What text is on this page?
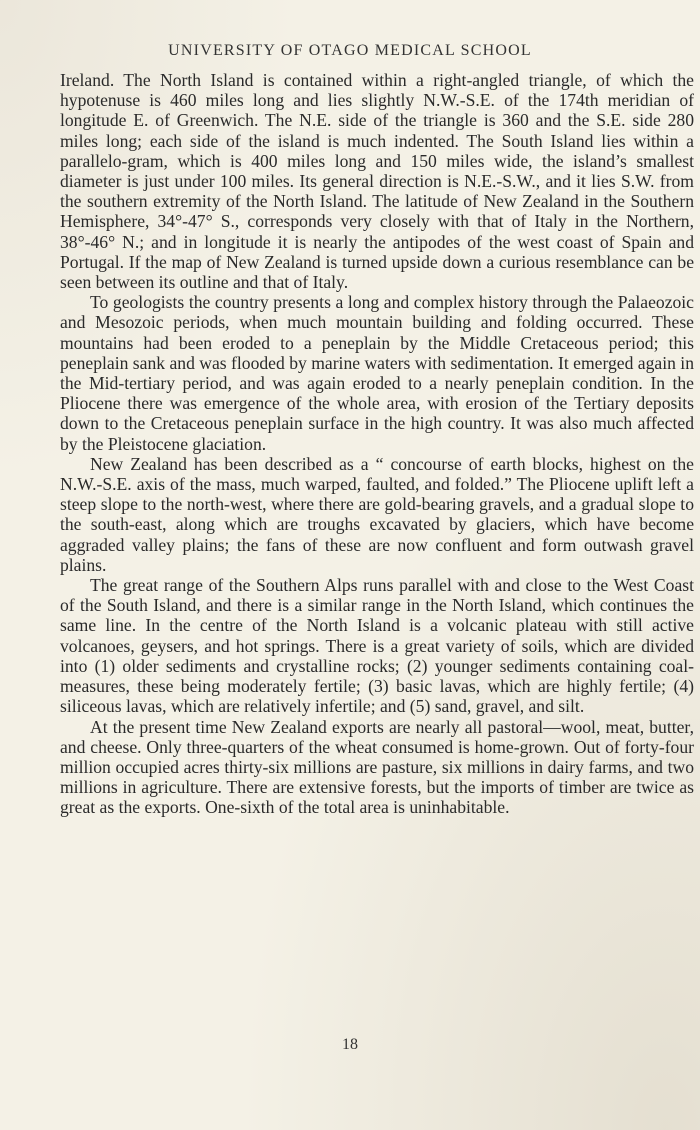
UNIVERSITY OF OTAGO MEDICAL SCHOOL

Ireland. The North Island is contained within a right-angled triangle, of which the hypotenuse is 460 miles long and lies slightly N.W.-S.E. of the 174th meridian of longitude E. of Greenwich. The N.E. side of the triangle is 360 and the S.E. side 280 miles long; each side of the island is much indented. The South Island lies within a parallelo-gram, which is 400 miles long and 150 miles wide, the island’s smallest diameter is just under 100 miles. Its general direction is N.E.-S.W., and it lies S.W. from the southern extremity of the North Island. The latitude of New Zealand in the Southern Hemisphere, 34°-47° S., corresponds very closely with that of Italy in the Northern, 38°-46° N.; and in longitude it is nearly the antipodes of the west coast of Spain and Portugal. If the map of New Zealand is turned upside down a curious resemblance can be seen between its outline and that of Italy.

To geologists the country presents a long and complex history through the Palaeozoic and Mesozoic periods, when much mountain building and folding occurred. These mountains had been eroded to a peneplain by the Middle Cretaceous period; this peneplain sank and was flooded by marine waters with sedimentation. It emerged again in the Mid-tertiary period, and was again eroded to a nearly peneplain condition. In the Pliocene there was emergence of the whole area, with erosion of the Tertiary deposits down to the Cretaceous peneplain surface in the high country. It was also much affected by the Pleistocene glaciation.

New Zealand has been described as a “ concourse of earth blocks, highest on the N.W.-S.E. axis of the mass, much warped, faulted, and folded.” The Pliocene uplift left a steep slope to the north-west, where there are gold-bearing gravels, and a gradual slope to the south-east, along which are troughs excavated by glaciers, which have become aggraded valley plains; the fans of these are now confluent and form outwash gravel plains.

The great range of the Southern Alps runs parallel with and close to the West Coast of the South Island, and there is a similar range in the North Island, which continues the same line. In the centre of the North Island is a volcanic plateau with still active volcanoes, geysers, and hot springs. There is a great variety of soils, which are divided into (1) older sediments and crystalline rocks; (2) younger sediments containing coal-measures, these being moderately fertile; (3) basic lavas, which are highly fertile; (4) siliceous lavas, which are relatively infertile; and (5) sand, gravel, and silt.

At the present time New Zealand exports are nearly all pastoral—wool, meat, butter, and cheese. Only three-quarters of the wheat consumed is home-grown. Out of forty-four million occupied acres thirty-six millions are pasture, six millions in dairy farms, and two millions in agriculture. There are extensive forests, but the imports of timber are twice as great as the exports. One-sixth of the total area is uninhabitable.

18
